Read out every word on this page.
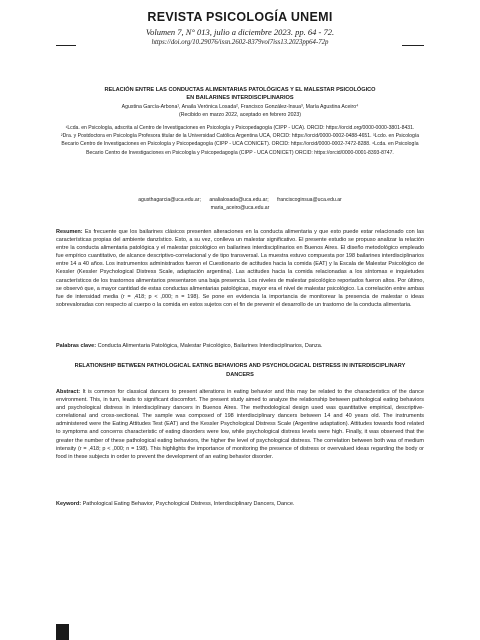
REVISTA PSICOLOGÍA UNEMI
Volumen 7, N° 013, julio a diciembre 2023. pp. 64 - 72.
https://doi.org/10.29076/issn.2602-8379vol7iss13.2023pp64-72p
RELACIÓN ENTRE LAS CONDUCTAS ALIMENTARIAS PATOLÓGICAS Y EL MALESTAR PSICOLÓGICO EN BAILARINES INTERDISCIPLINARIOS
Agustina García-Arbona¹, Anaila Verónica Losada², Francisco González-Insua³, María Agustina Aceiro⁴
(Recibido en marzo 2022, aceptado en febrero 2023)
¹Lcda. en Psicología, adscrita al Centro de Investigaciones en Psicología y Psicopedagogía (CIPP - UCA). ORCID: https://orcid.org/0000-0000-3801-8431. ²Dra. y Postdoctora en Psicología Profesora titular de la Universidad Católica Argentina UCA, ORCID: https://orcid/0000-0002-0488-4651. ³Lcdo. en Psicología Becario Centro de Investigaciones en Psicología y Psicopedagogía (CIPP - UCA CONICET). ORCID: https://orcid/0000-0002-7472-8288. ⁴Lcda. en Psicología Becario Centro de Investigaciones en Psicología y Psicopedagogía (CIPP - UCA CONICET) ORCID: https://orcid/0000-0001-8393-8747.
agusthagarcia@uca.edu.ar;      analialosada@uca.edu.ar;      franciscoginsua@uca.edu.ar
maria_aceiro@uca.edu.ar
Resumen: Es frecuente que los bailarines clásicos presenten alteraciones en la conducta alimentaria y que esto puede estar relacionado con las características propias del ambiente danzístico. Esto, a su vez, conlleva un malestar significativo. El presente estudio se propuso analizar la relación entre la conducta alimentaria patológica y el malestar psicológico en bailarines interdisciplinarios en Buenos Aires. El diseño metodológico empleado fue empírico cuantitativo, de alcance descriptivo-correlacional y de tipo transversal. La muestra estuvo compuesta por 198 bailarines interdisciplinarios entre 14 a 40 años. Los instrumentos administrados fueron el Cuestionario de actitudes hacia la comida (EAT) y la Escala de Malestar Psicológico de Kessler (Kessler Psychological Distress Scale, adaptación argentina). Las actitudes hacia la comida relacionadas a los síntomas e inquietudes característicos de los trastornos alimentarios presentaron una baja presencia. Los niveles de malestar psicológico reportados fueron altos. Por último, se observó que, a mayor cantidad de estas conductas alimentarias patológicas, mayor era el nivel de malestar psicológico. La correlación entre ambas fue de intensidad media (r = ,418; p < ,000; n = 198). Se pone en evidencia la importancia de monitorear la presencia de malestar o ideas sobrevaloradas con respecto al cuerpo o la comida en estos sujetos con el fin de prevenir el desarrollo de un trastorno de la conducta alimentaria.
Palabras clave: Conducta Alimentaria Patológica, Malestar Psicológico, Bailarines Interdisciplinarios, Danza.
RELATIONSHIP BETWEEN PATHOLOGICAL EATING BEHAVIORS AND PSYCHOLOGICAL DISTRESS IN INTERDISCIPLINARY DANCERS
Abstract: It is common for classical dancers to present alterations in eating behavior and this may be related to the characteristics of the dance environment. This, in turn, leads to significant discomfort. The present study aimed to analyze the relationship between pathological eating behaviors and psychological distress in interdisciplinary dancers in Buenos Aires. The methodological design used was quantitative empirical, descriptive-correlational and cross-sectional. The sample was composed of 198 interdisciplinary dancers between 14 and 40 years old. The instruments administered were the Eating Attitudes Test (EAT) and the Kessler Psychological Distress Scale (Argentine adaptation). Attitudes towards food related to symptoms and concerns characteristic of eating disorders were low, while psychological distress levels were high. Finally, it was observed that the greater the number of these pathological eating behaviors, the higher the level of psychological distress. The correlation between both was of medium intensity (r = ,418; p < ,000; n = 198). This highlights the importance of monitoring the presence of distress or overvalued ideas regarding the body or food in these subjects in order to prevent the development of an eating behavior disorder.
Keyword: Pathological Eating Behavior, Psychological Distress, Interdisciplinary Dancers, Dance.
